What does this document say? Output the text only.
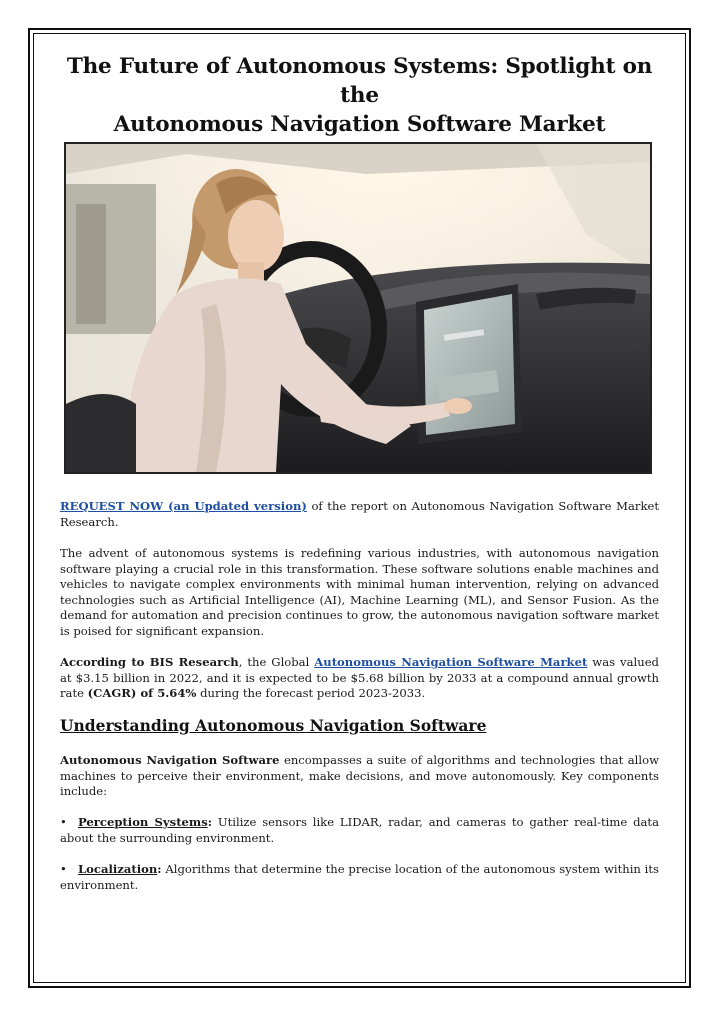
The Future of Autonomous Systems: Spotlight on the
Autonomous Navigation Software Market

REQUEST NOW (an Updated version) of the report on Autonomous Navigation Software Market Research.

The advent of autonomous systems is redefining various industries, with autonomous navigation software playing a crucial role in this transformation. These software solutions enable machines and vehicles to navigate complex environments with minimal human intervention, relying on advanced technologies such as Artificial Intelligence (AI), Machine Learning (ML), and Sensor Fusion. As the demand for automation and precision continues to grow, the autonomous navigation software market is poised for significant expansion.

According to BIS Research, the Global Autonomous Navigation Software Market was valued at $3.15 billion in 2022, and it is expected to be $5.68 billion by 2033 at a compound annual growth rate (CAGR) of 5.64% during the forecast period 2023-2033.

Understanding Autonomous Navigation Software

Autonomous Navigation Software encompasses a suite of algorithms and technologies that allow machines to perceive their environment, make decisions, and move autonomously. Key components include:

• Perception Systems: Utilize sensors like LIDAR, radar, and cameras to gather real-time data about the surrounding environment.

• Localization: Algorithms that determine the precise location of the autonomous system within its environment.
